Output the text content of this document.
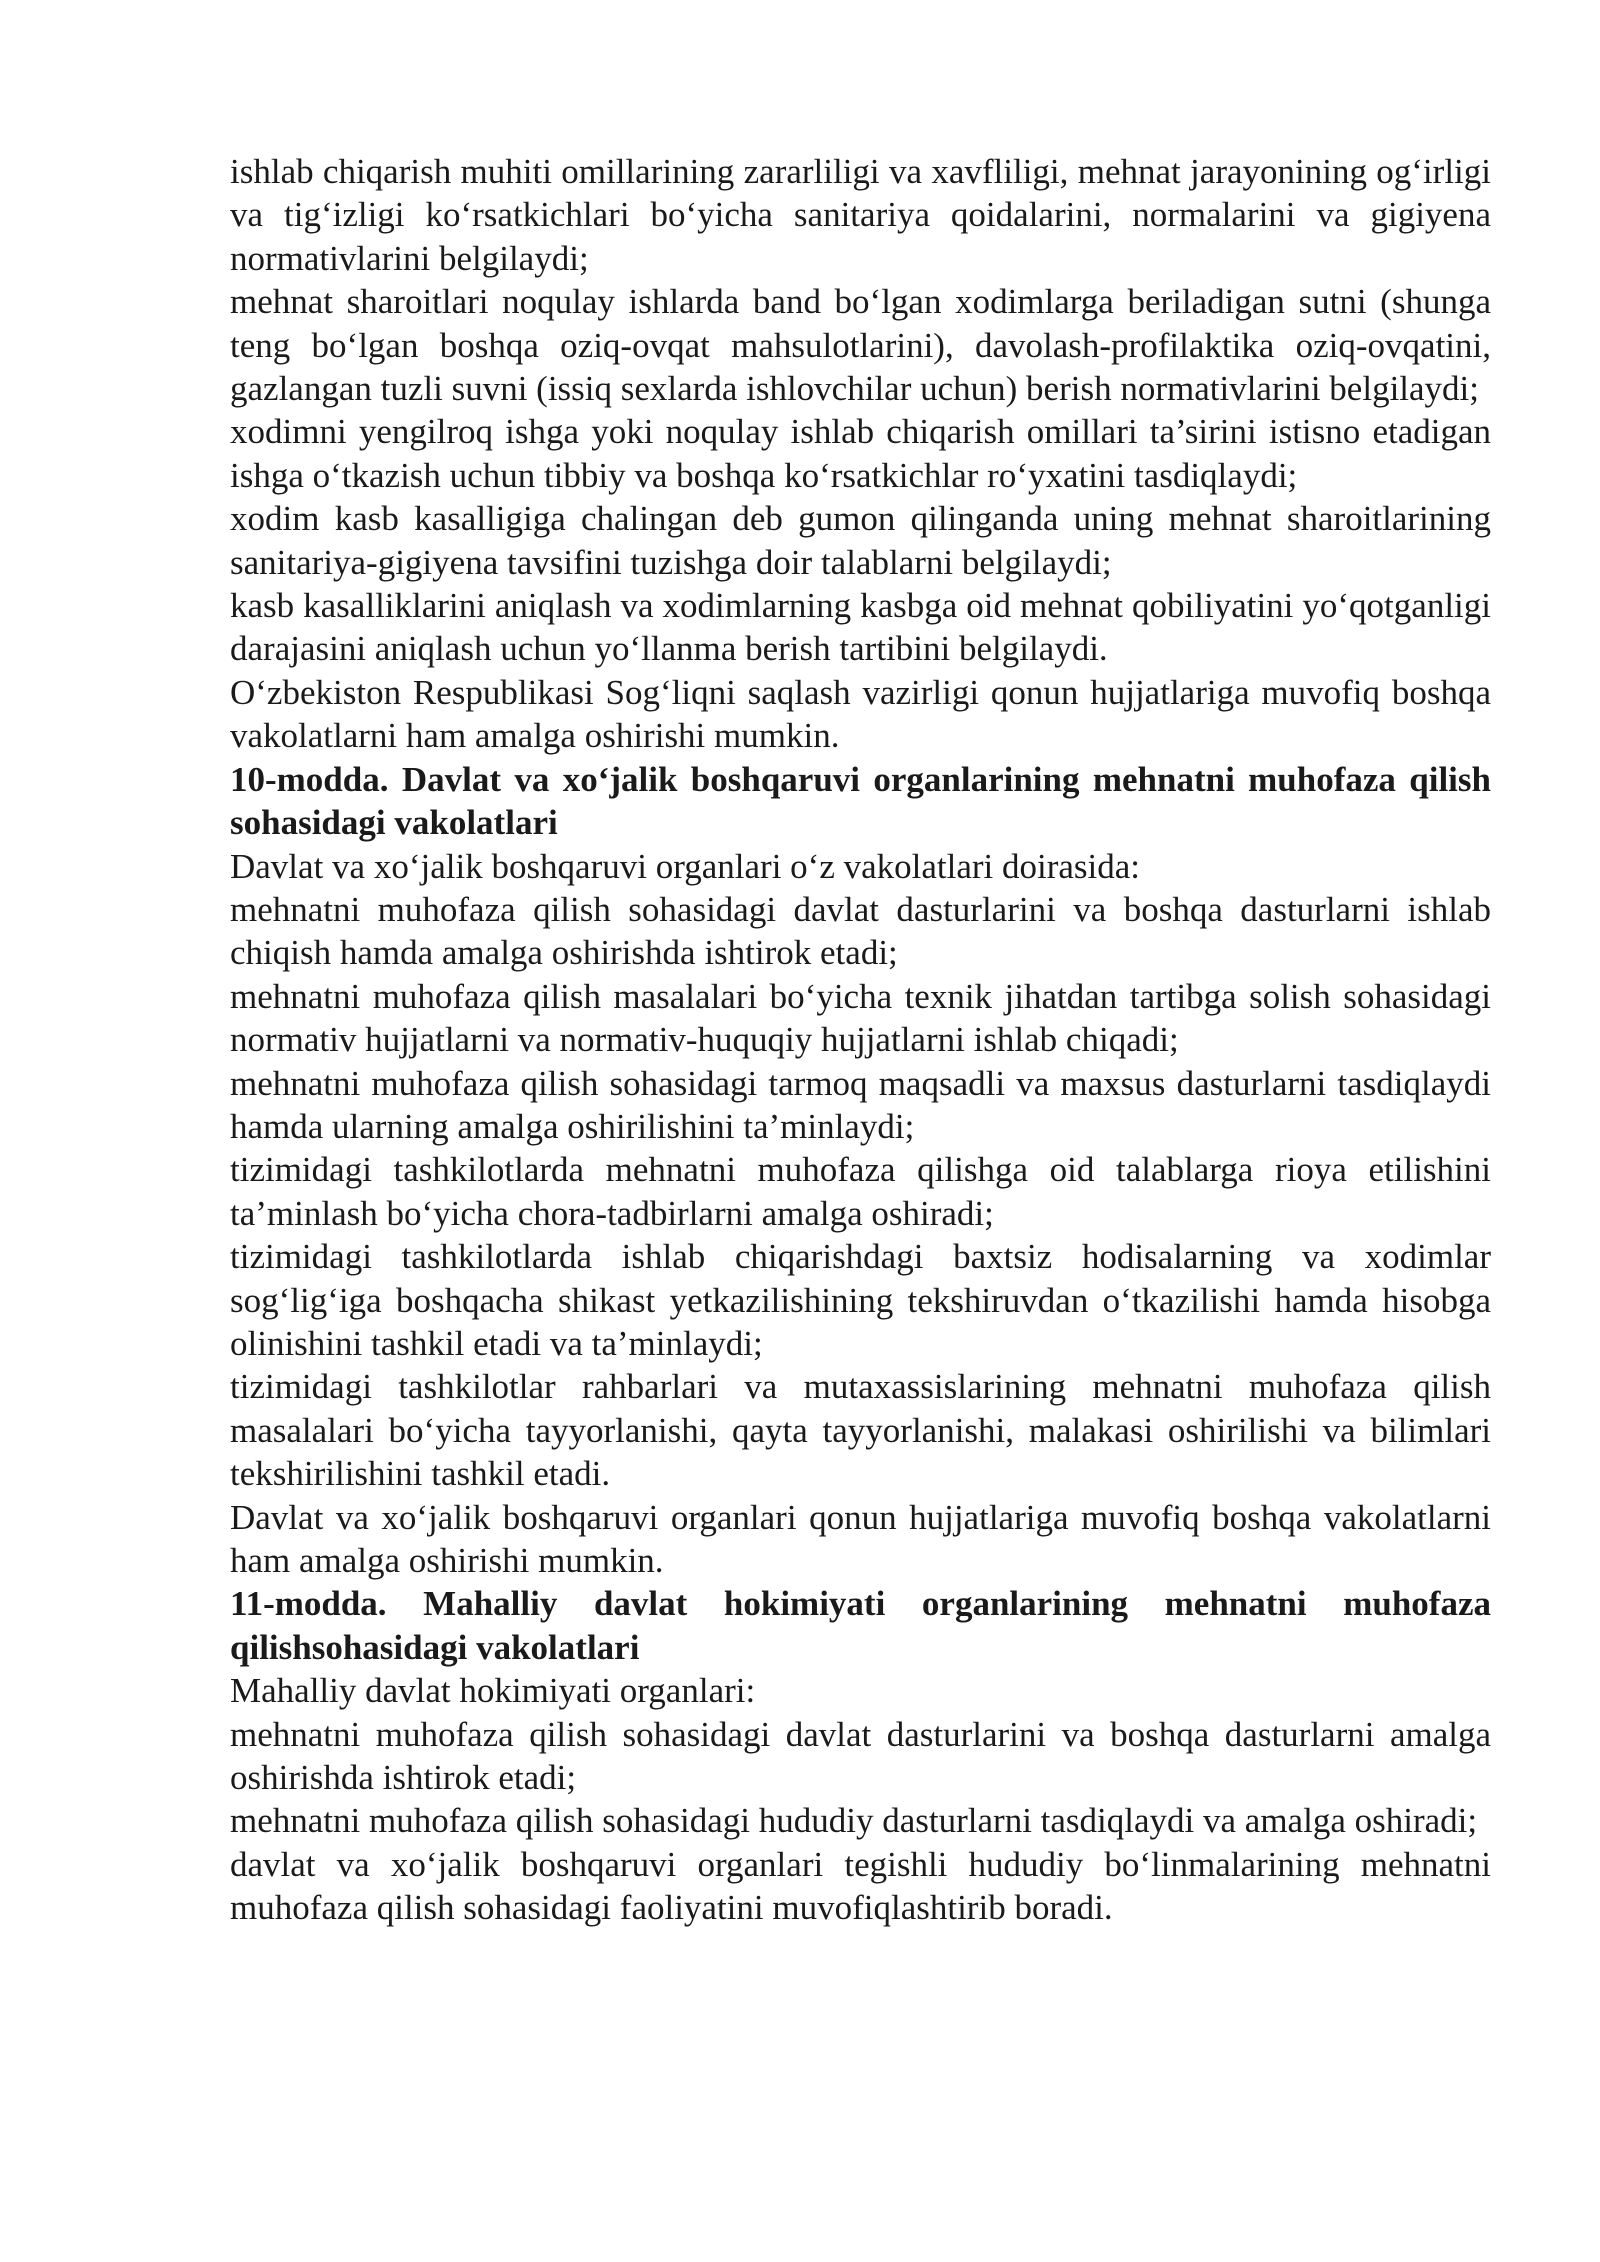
ishlab chiqarish muhiti omillarining zararliligi va xavfliligi, mehnat jarayonining og‘irligi va tig‘izligi ko‘rsatkichlari bo‘yicha sanitariya qoidalarini, normalarini va gigiyena normativlarini belgilaydi;

mehnat sharoitlari noqulay ishlarda band bo‘lgan xodimlarga beriladigan sutni (shunga teng bo‘lgan boshqa oziq-ovqat mahsulotlarini), davolash-profilaktika oziq-ovqatini, gazlangan tuzli suvni (issiq sexlarda ishlovchilar uchun) berish normativlarini belgilaydi;

xodimni yengilroq ishga yoki noqulay ishlab chiqarish omillari ta’sirini istisno etadigan ishga o‘tkazish uchun tibbiy va boshqa ko‘rsatkichlar ro‘yxatini tasdiqlaydi;

xodim kasb kasalligiga chalingan deb gumon qilinganda uning mehnat sharoitlarining sanitariya-gigiyena tavsifini tuzishga doir talablarni belgilaydi;

kasb kasalliklarini aniqlash va xodimlarning kasbga oid mehnat qobiliyatini yo‘qotganligi darajasini aniqlash uchun yo‘llanma berish tartibini belgilaydi.

O‘zbekiston Respublikasi Sog‘liqni saqlash vazirligi qonun hujjatlariga muvofiq boshqa vakolatlarni ham amalga oshirishi mumkin.

10-modda. Davlat va xo‘jalik boshqaruvi organlarining mehnatni muhofaza qilish sohasidagi vakolatlari

Davlat va xo‘jalik boshqaruvi organlari o‘z vakolatlari doirasida:

mehnatni muhofaza qilish sohasidagi davlat dasturlarini va boshqa dasturlarni ishlab chiqish hamda amalga oshirishda ishtirok etadi;

mehnatni muhofaza qilish masalalari bo‘yicha texnik jihatdan tartibga solish sohasidagi normativ hujjatlarni va normativ-huquqiy hujjatlarni ishlab chiqadi;

mehnatni muhofaza qilish sohasidagi tarmoq maqsadli va maxsus dasturlarni tasdiqlaydi hamda ularning amalga oshirilishini ta’minlaydi;

tizimidagi tashkilotlarda mehnatni muhofaza qilishga oid talablarga rioya etilishini ta’minlash bo‘yicha chora-tadbirlarni amalga oshiradi;

tizimidagi tashkilotlarda ishlab chiqarishdagi baxtsiz hodisalarning va xodimlar sog‘lig‘iga boshqacha shikast yetkazilishining tekshiruvdan o‘tkazilishi hamda hisobga olinishini tashkil etadi va ta’minlaydi;

tizimidagi tashkilotlar rahbarlari va mutaxassislarining mehnatni muhofaza qilish masalalari bo‘yicha tayyorlanishi, qayta tayyorlanishi, malakasi oshirilishi va bilimlari tekshirilishini tashkil etadi.

Davlat va xo‘jalik boshqaruvi organlari qonun hujjatlariga muvofiq boshqa vakolatlarni ham amalga oshirishi mumkin.

11-modda. Mahalliy davlat hokimiyati organlarining mehnatni muhofaza qilishsohasidagi vakolatlari

Mahalliy davlat hokimiyati organlari:

mehnatni muhofaza qilish sohasidagi davlat dasturlarini va boshqa dasturlarni amalga oshirishda ishtirok etadi;

mehnatni muhofaza qilish sohasidagi hududiy dasturlarni tasdiqlaydi va amalga oshiradi;

davlat va xo‘jalik boshqaruvi organlari tegishli hududiy bo‘linmalarining mehnatni muhofaza qilish sohasidagi faoliyatini muvofiqlashtirib boradi.
